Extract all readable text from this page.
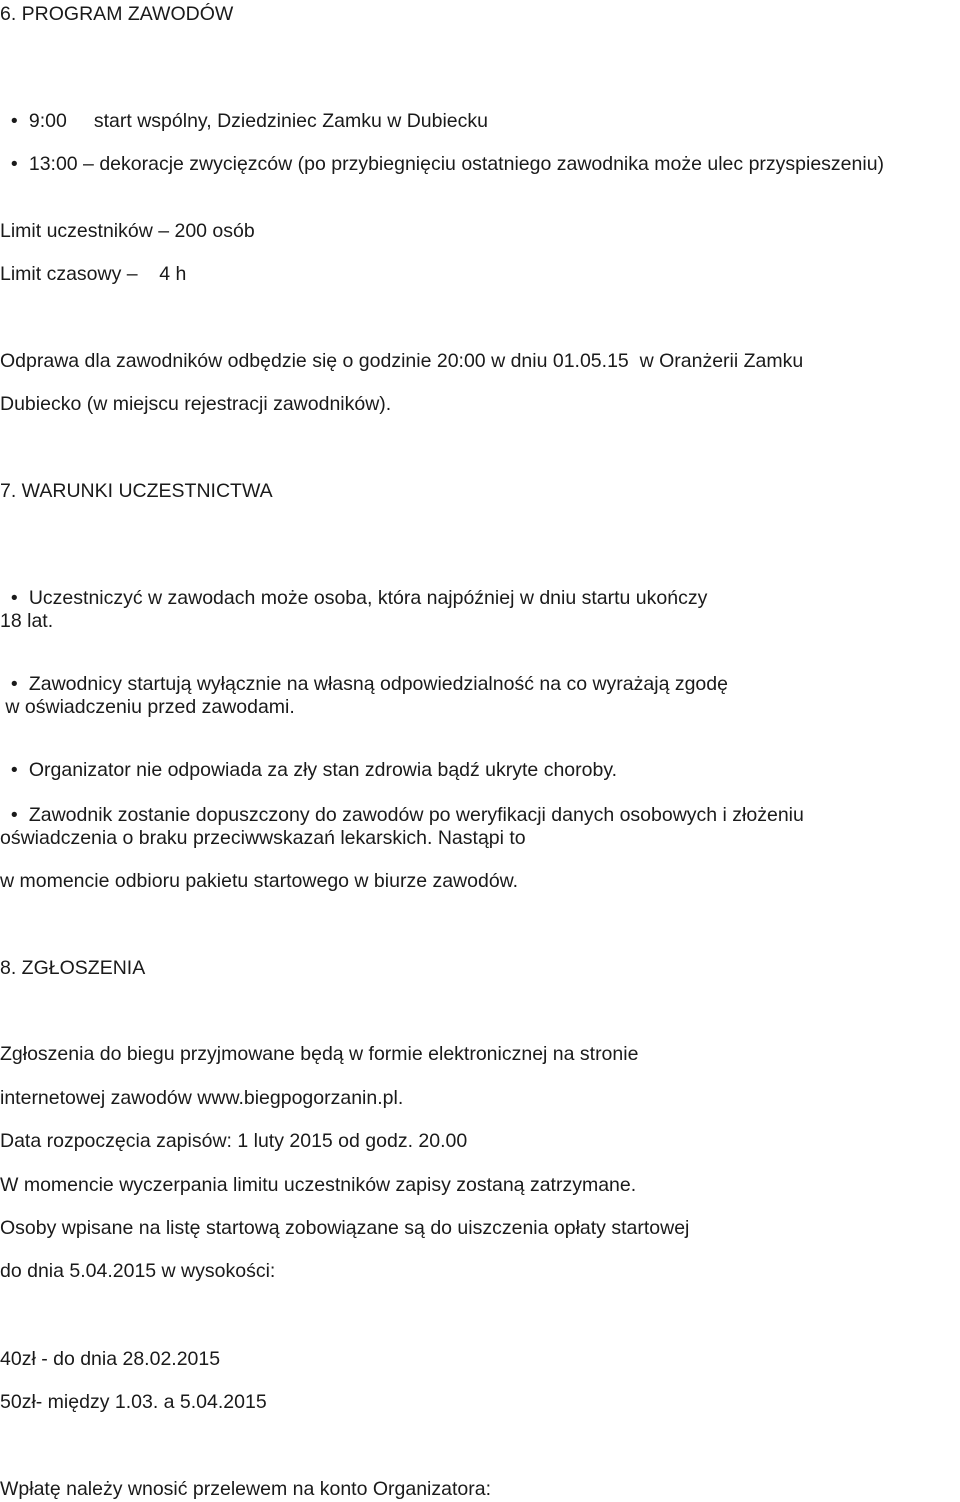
6. PROGRAM ZAWODÓW

• 9:00     start wspólny, Dziedziniec Zamku w Dubiecku

• 13:00 – dekoracje zwycięzców (po przybiegnięciu ostatniego zawodnika może ulec przyspieszeniu)

Limit uczestników – 200 osób
Limit czasowy –    4 h
Odprawa dla zawodników odbędzie się o godzinie 20:00 w dniu 01.05.15  w Oranżerii Zamku
Dubiecko (w miejscu rejestracji zawodników).
7. WARUNKI UCZESTNICTWA

• Uczestniczyć w zawodach może osoba, która najpóźniej w dniu startu ukończy

18 lat.

• Zawodnicy startują wyłącznie na własną odpowiedzialność na co wyrażają zgodę

w oświadczeniu przed zawodami.

• Organizator nie odpowiada za zły stan zdrowia bądź ukryte choroby.

• Zawodnik zostanie dopuszczony do zawodów po weryfikacji danych osobowych i złożeniu

oświadczenia o braku przeciwwskazań lekarskich. Nastąpi to
w momencie odbioru pakietu startowego w biurze zawodów.
8. ZGŁOSZENIA
Zgłoszenia do biegu przyjmowane będą w formie elektronicznej na stronie
internetowej zawodów www.biegpogorzanin.pl.
Data rozpoczęcia zapisów: 1 luty 2015 od godz. 20.00
W momencie wyczerpania limitu uczestników zapisy zostaną zatrzymane.
Osoby wpisane na listę startową zobowiązane są do uiszczenia opłaty startowej
do dnia 5.04.2015 w wysokości:
40zł - do dnia 28.02.2015
50zł- między 1.03. a 5.04.2015
Wpłatę należy wnosić przelewem na konto Organizatora:
